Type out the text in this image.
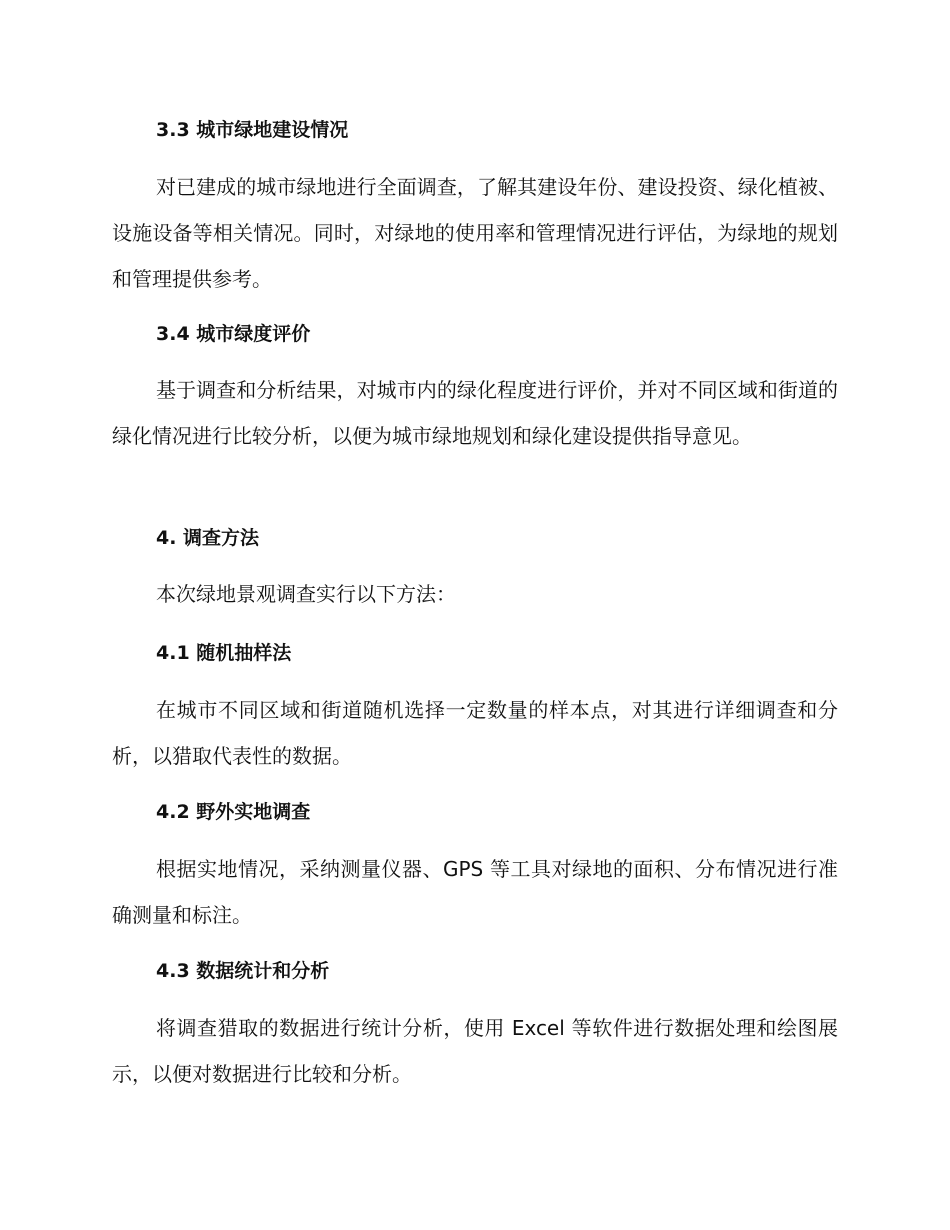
3.3 城市绿地建设情况

对已建成的城市绿地进行全面调查，了解其建设年份、建设投资、绿化植被、设施设备等相关情况。同时，对绿地的使用率和管理情况进行评估，为绿地的规划和管理提供参考。

3.4 城市绿度评价

基于调查和分析结果，对城市内的绿化程度进行评价，并对不同区域和街道的绿化情况进行比较分析，以便为城市绿地规划和绿化建设提供指导意见。

4. 调查方法

本次绿地景观调查实行以下方法：

4.1 随机抽样法

在城市不同区域和街道随机选择一定数量的样本点，对其进行详细调查和分析，以猎取代表性的数据。

4.2 野外实地调查

根据实地情况，采纳测量仪器、GPS 等工具对绿地的面积、分布情况进行准确测量和标注。

4.3 数据统计和分析

将调查猎取的数据进行统计分析，使用 Excel 等软件进行数据处理和绘图展示，以便对数据进行比较和分析。
